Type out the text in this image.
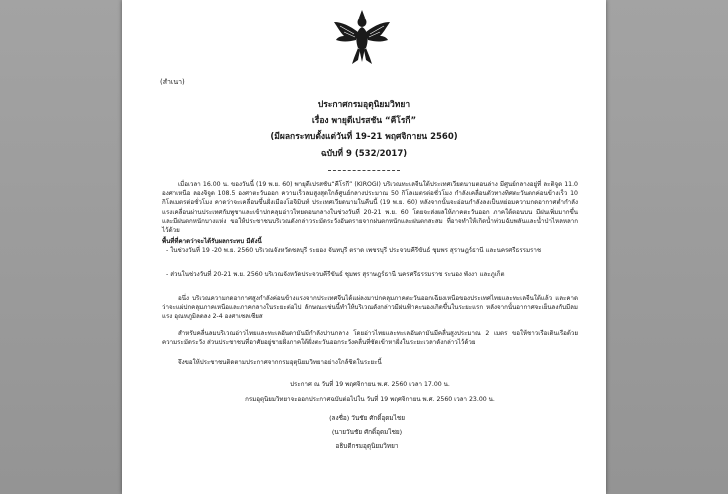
(สำเนา)
ประกาศกรมอุตุนิยมวิทยา
เรื่อง พายุดีเปรสชัน “คีโรกี”
(มีผลกระทบตั้งแต่วันที่ 19-21 พฤศจิกายน 2560)
ฉบับที่ 9 (532/2017)
เมื่อเวลา 16.00 น. ของวันนี้ (19 พ.ย. 60) พายุดีเปรสชัน“คีโรกี” (KIROGI) บริเวณทะเลจีนใต้ประเทศเวียดนามตอนล่าง มีศูนย์กลางอยู่ที่ ละติจูด 11.0 องศาเหนือ ลองจิจูด 108.5 องศาตะวันออก ความเร็วลมสูงสุดใกล้ศูนย์กลางประมาณ 50 กิโลเมตรต่อชั่วโมง กำลังเคลื่อนตัวทางทิศตะวันตกค่อนข้างเร็ว 10 กิโลเมตรต่อชั่วโมง คาดว่าจะเคลื่อนขึ้นฝั่งเมืองโฮจิมินท์ ประเทศเวียดนามในคืนนี้ (19 พ.ย. 60) หลังจากนั้นจะอ่อนกำลังลงเป็นหย่อมความกดอากาศต่ำกำลังแรงเคลื่อนผ่านประเทศกัมพูชาและเข้าปกคลุมอ่าวไทยตอนกลางในช่วงวันที่ 20-21 พ.ย. 60 โดยจะส่งผลให้ภาคตะวันออก ภาคใต้ตอนบน มีฝนเพิ่มมากขึ้นและมีฝนตกหนักบางแห่ง ขอให้ประชาชนบริเวณดังกล่าวระมัดระวังอันตรายจากฝนตกหนักและฝนตกสะสม ที่อาจทำให้เกิดน้ำท่วมฉับพลันและน้ำป่าไหลหลากไว้ด้วย
พื้นที่ที่คาดว่าจะได้รับผลกระทบ มีดังนี้
- ในช่วงวันที่ 19 -20 พ.ย. 2560 บริเวณจังหวัดชลบุรี ระยอง จันทบุรี ตราด เพชรบุรี ประจวบคีรีขันธ์ ชุมพร สุราษฎร์ธานี และนครศรีธรรมราช
- ส่วนในช่วงวันที่ 20-21 พ.ย. 2560 บริเวณจังหวัดประจวบคีรีขันธ์ ชุมพร สุราษฎร์ธานี นครศรีธรรมราช ระนอง พังงา และภูเก็ต
อนึ่ง บริเวณความกดอากาศสูงกำลังค่อนข้างแรงจากประเทศจีนได้แผ่ลงมาปกคลุมภาคตะวันออกเฉียงเหนือของประเทศไทยและทะเลจีนใต้แล้ว และคาดว่าจะแผ่ปกคลุมภาคเหนือและภาคกลางในระยะต่อไป ลักษณะเช่นนี้ทำให้บริเวณดังกล่าวมีฝนฟ้าคะนองเกิดขึ้นในระยะแรก หลังจากนั้นอากาศจะเย็นลงกับมีลมแรง อุณหภูมิลดลง 2-4 องศาเซลเซียส
สำหรับคลื่นลมบริเวณอ่าวไทยและทะเลอันดามันมีกำลังปานกลาง โดยอ่าวไทยและทะเลอันดามันมีคลื่นสูงประมาณ 2 เมตร ขอให้ชาวเรือเดินเรือด้วยความระมัดระวัง ส่วนประชาชนที่อาศัยอยู่ชายฝั่งภาคใต้ฝั่งตะวันออกระวังคลื่นที่ซัดเข้าหาฝั่งในระยะเวลาดังกล่าวไว้ด้วย
จึงขอให้ประชาชนติดตามประกาศจากกรมอุตุนิยมวิทยาอย่างใกล้ชิดในระยะนี้
ประกาศ ณ วันที่ 19 พฤศจิกายน พ.ศ. 2560 เวลา 17.00 น.
กรมอุตุนิยมวิทยาจะออกประกาศฉบับต่อไปใน วันที่ 19 พฤศจิกายน พ.ศ. 2560 เวลา 23.00 น.
(ลงชื่อ) วันชัย ศักดิ์อุดมไชย
(นายวันชัย ศักดิ์อุดมไชย)
อธิบดีกรมอุตุนิยมวิทยา
